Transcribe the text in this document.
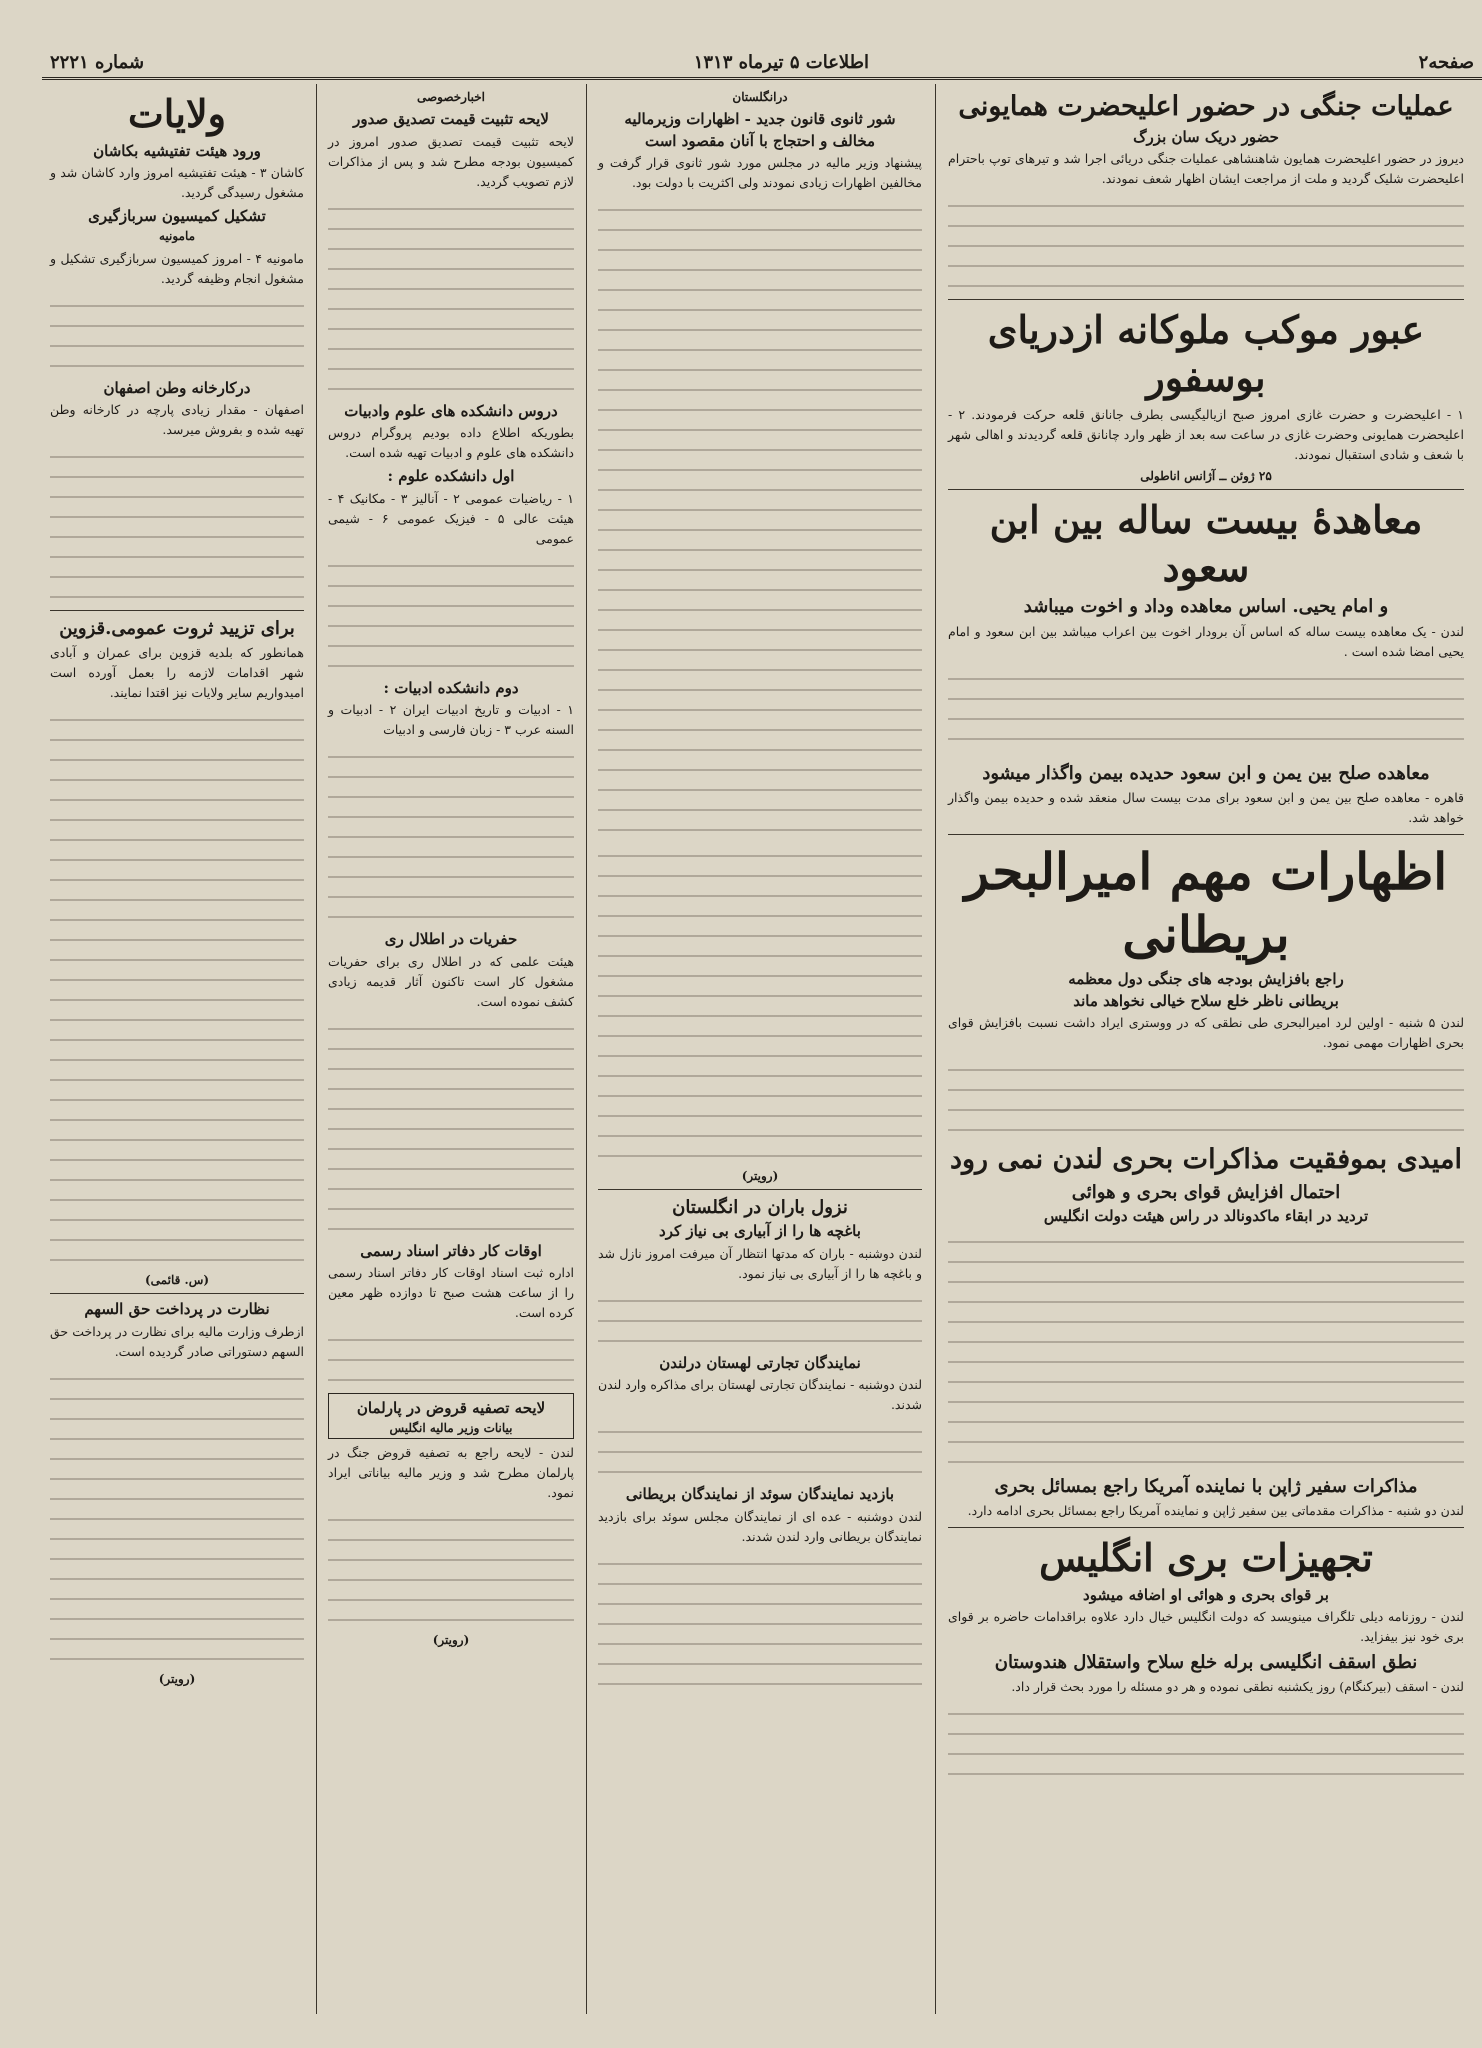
شماره ۲۲۲۱	اطلاعات ۵ تیرماه ۱۳۱۳	صفحه۲
عملیات جنگی در حضور اعلیحضرت همایونی
حضور دریک سان بزرگ

دیروز در حضور اعلیحضرت همایون شاهنشاهی عملیات جنگی دریائی اجرا شد و تیرهای توپ باحترام اعلیحضرت شلیک گردید و ملت از مراجعت ایشان اظهار شعف نمودند.

عبور موکب ملوکانه ازدریای بوسفور

۱ - اعلیحضرت و حضرت غازی امروز صبح ازیالیگیسی بطرف جانانق قلعه حرکت فرمودند. ۲ - اعلیحضرت همایونی وحضرت غازی در ساعت سه بعد از ظهر وارد چانانق قلعه گردیدند و اهالی شهر با شعف و شادی استقبال نمودند.

۲۵ ژوئن ــ آژانس اناطولی
معاهدهٔ بیست ساله بین ابن سعود
و امام یحیی. اساس معاهده وداد و اخوت میباشد

لندن - یک معاهده بیست ساله که اساس آن برودار اخوت بین اعراب میباشد بین ابن سعود و امام یحیی امضا شده است .

معاهده صلح بین یمن و ابن سعود حدیده بیمن واگذار میشود

قاهره - معاهده صلح بین یمن و ابن سعود برای مدت بیست سال منعقد شده و حدیده بیمن واگذار خواهد شد.

اظهارات مهم امیرالبحر بریطانی
راجع بافزایش بودجه های جنگی دول معظمه
بریطانی ناظر خلع سلاح خیالی نخواهد ماند

لندن ۵ شنبه - اولین لرد امیرالبحری طی نطقی که در ووستری ایراد داشت نسبت بافزایش قوای بحری اظهارات مهمی نمود.

امیدی بموفقیت مذاکرات بحری لندن نمی رود
احتمال افزایش قوای بحری و هوائی
تردید در ابقاء ماکدونالد در راس هیئت دولت انگلیس
مذاکرات سفیر ژاپن با نماینده آمریکا راجع بمسائل بحری

لندن دو شنبه - مذاکرات مقدماتی بین سفیر ژاپن و نماینده آمریکا راجع بمسائل بحری ادامه دارد.

تجهیزات بری انگلیس
بر قوای بحری و هوائی او اضافه میشود

لندن - روزنامه دیلی تلگراف مینویسد که دولت انگلیس خیال دارد علاوه براقدامات حاضره بر قوای بری خود نیز بیفزاید.

نطق اسقف انگلیسی برله خلع سلاح واستقلال هندوستان

لندن - اسقف (بیرکنگام) روز یکشنبه نطقی نموده و هر دو مسئله را مورد بحث قرار داد.

درانگلستان
شور ثانوی قانون جدید - اظهارات وزیرمالیه
مخالف و احتجاج با آنان مقصود است

پیشنهاد وزیر مالیه در مجلس مورد شور ثانوی قرار گرفت و مخالفین اظهارات زیادی نمودند ولی اکثریت با دولت بود.

(رویتر)
نزول باران در انگلستان
باغچه ها را از آبیاری بی نیاز کرد

لندن دوشنبه - باران که مدتها انتظار آن میرفت امروز نازل شد و باغچه ها را از آبیاری بی نیاز نمود.

نمایندگان تجارتی لهستان درلندن

لندن دوشنبه - نمایندگان تجارتی لهستان برای مذاکره وارد لندن شدند.

بازدید نمایندگان سوئد از نمایندگان بریطانی

لندن دوشنبه - عده ای از نمایندگان مجلس سوئد برای بازدید نمایندگان بریطانی وارد لندن شدند.

اخبارخصوصی
لایحه تثبیت قیمت تصدیق صدور

لایحه تثبیت قیمت تصدیق صدور امروز در کمیسیون بودجه مطرح شد و پس از مذاکرات لازم تصویب گردید.

دروس دانشکده های علوم وادبیات

بطوریکه اطلاع داده بودیم پروگرام دروس دانشکده های علوم و ادبیات تهیه شده است.

اول دانشکده علوم :

۱ - ریاضیات عمومی ۲ - آنالیز ۳ - مکانیک ۴ - هیئت عالی ۵ - فیزیک عمومی ۶ - شیمی عمومی

دوم دانشکده ادبیات :

۱ - ادبیات و تاریخ ادبیات ایران ۲ - ادبیات و السنه عرب ۳ - زبان فارسی و ادبیات

حفریات در اطلال ری

هیئت علمی که در اطلال ری برای حفریات مشغول کار است تاکنون آثار قدیمه زیادی کشف نموده است.

اوقات کار دفاتر اسناد رسمی

اداره ثبت اسناد اوقات کار دفاتر اسناد رسمی را از ساعت هشت صبح تا دوازده ظهر معین کرده است.

لایحه تصفیه قروض در پارلمان
بیانات وزیر مالیه انگلیس

لندن - لایحه راجع به تصفیه قروض جنگ در پارلمان مطرح شد و وزیر مالیه بیاناتی ایراد نمود.

(رویتر)
ولایات
ورود هیئت تفتیشیه بکاشان

کاشان ۳ - هیئت تفتیشیه امروز وارد کاشان شد و مشغول رسیدگی گردید.

تشکیل کمیسیون سربازگیری
مامونیه

مامونیه ۴ - امروز کمیسیون سربازگیری تشکیل و مشغول انجام وظیفه گردید.

درکارخانه وطن اصفهان

اصفهان - مقدار زیادی پارچه در کارخانه وطن تهیه شده و بفروش میرسد.

برای تزیید ثروت عمومی.قزوین

همانطور که بلدیه قزوین برای عمران و آبادی شهر اقدامات لازمه را بعمل آورده است امیدواریم سایر ولایات نیز اقتدا نمایند.

(س. قائمی)
نظارت در پرداخت حق السهم

ازطرف وزارت مالیه برای نظارت در پرداخت حق السهم دستوراتی صادر گردیده است.

(رویتر)
